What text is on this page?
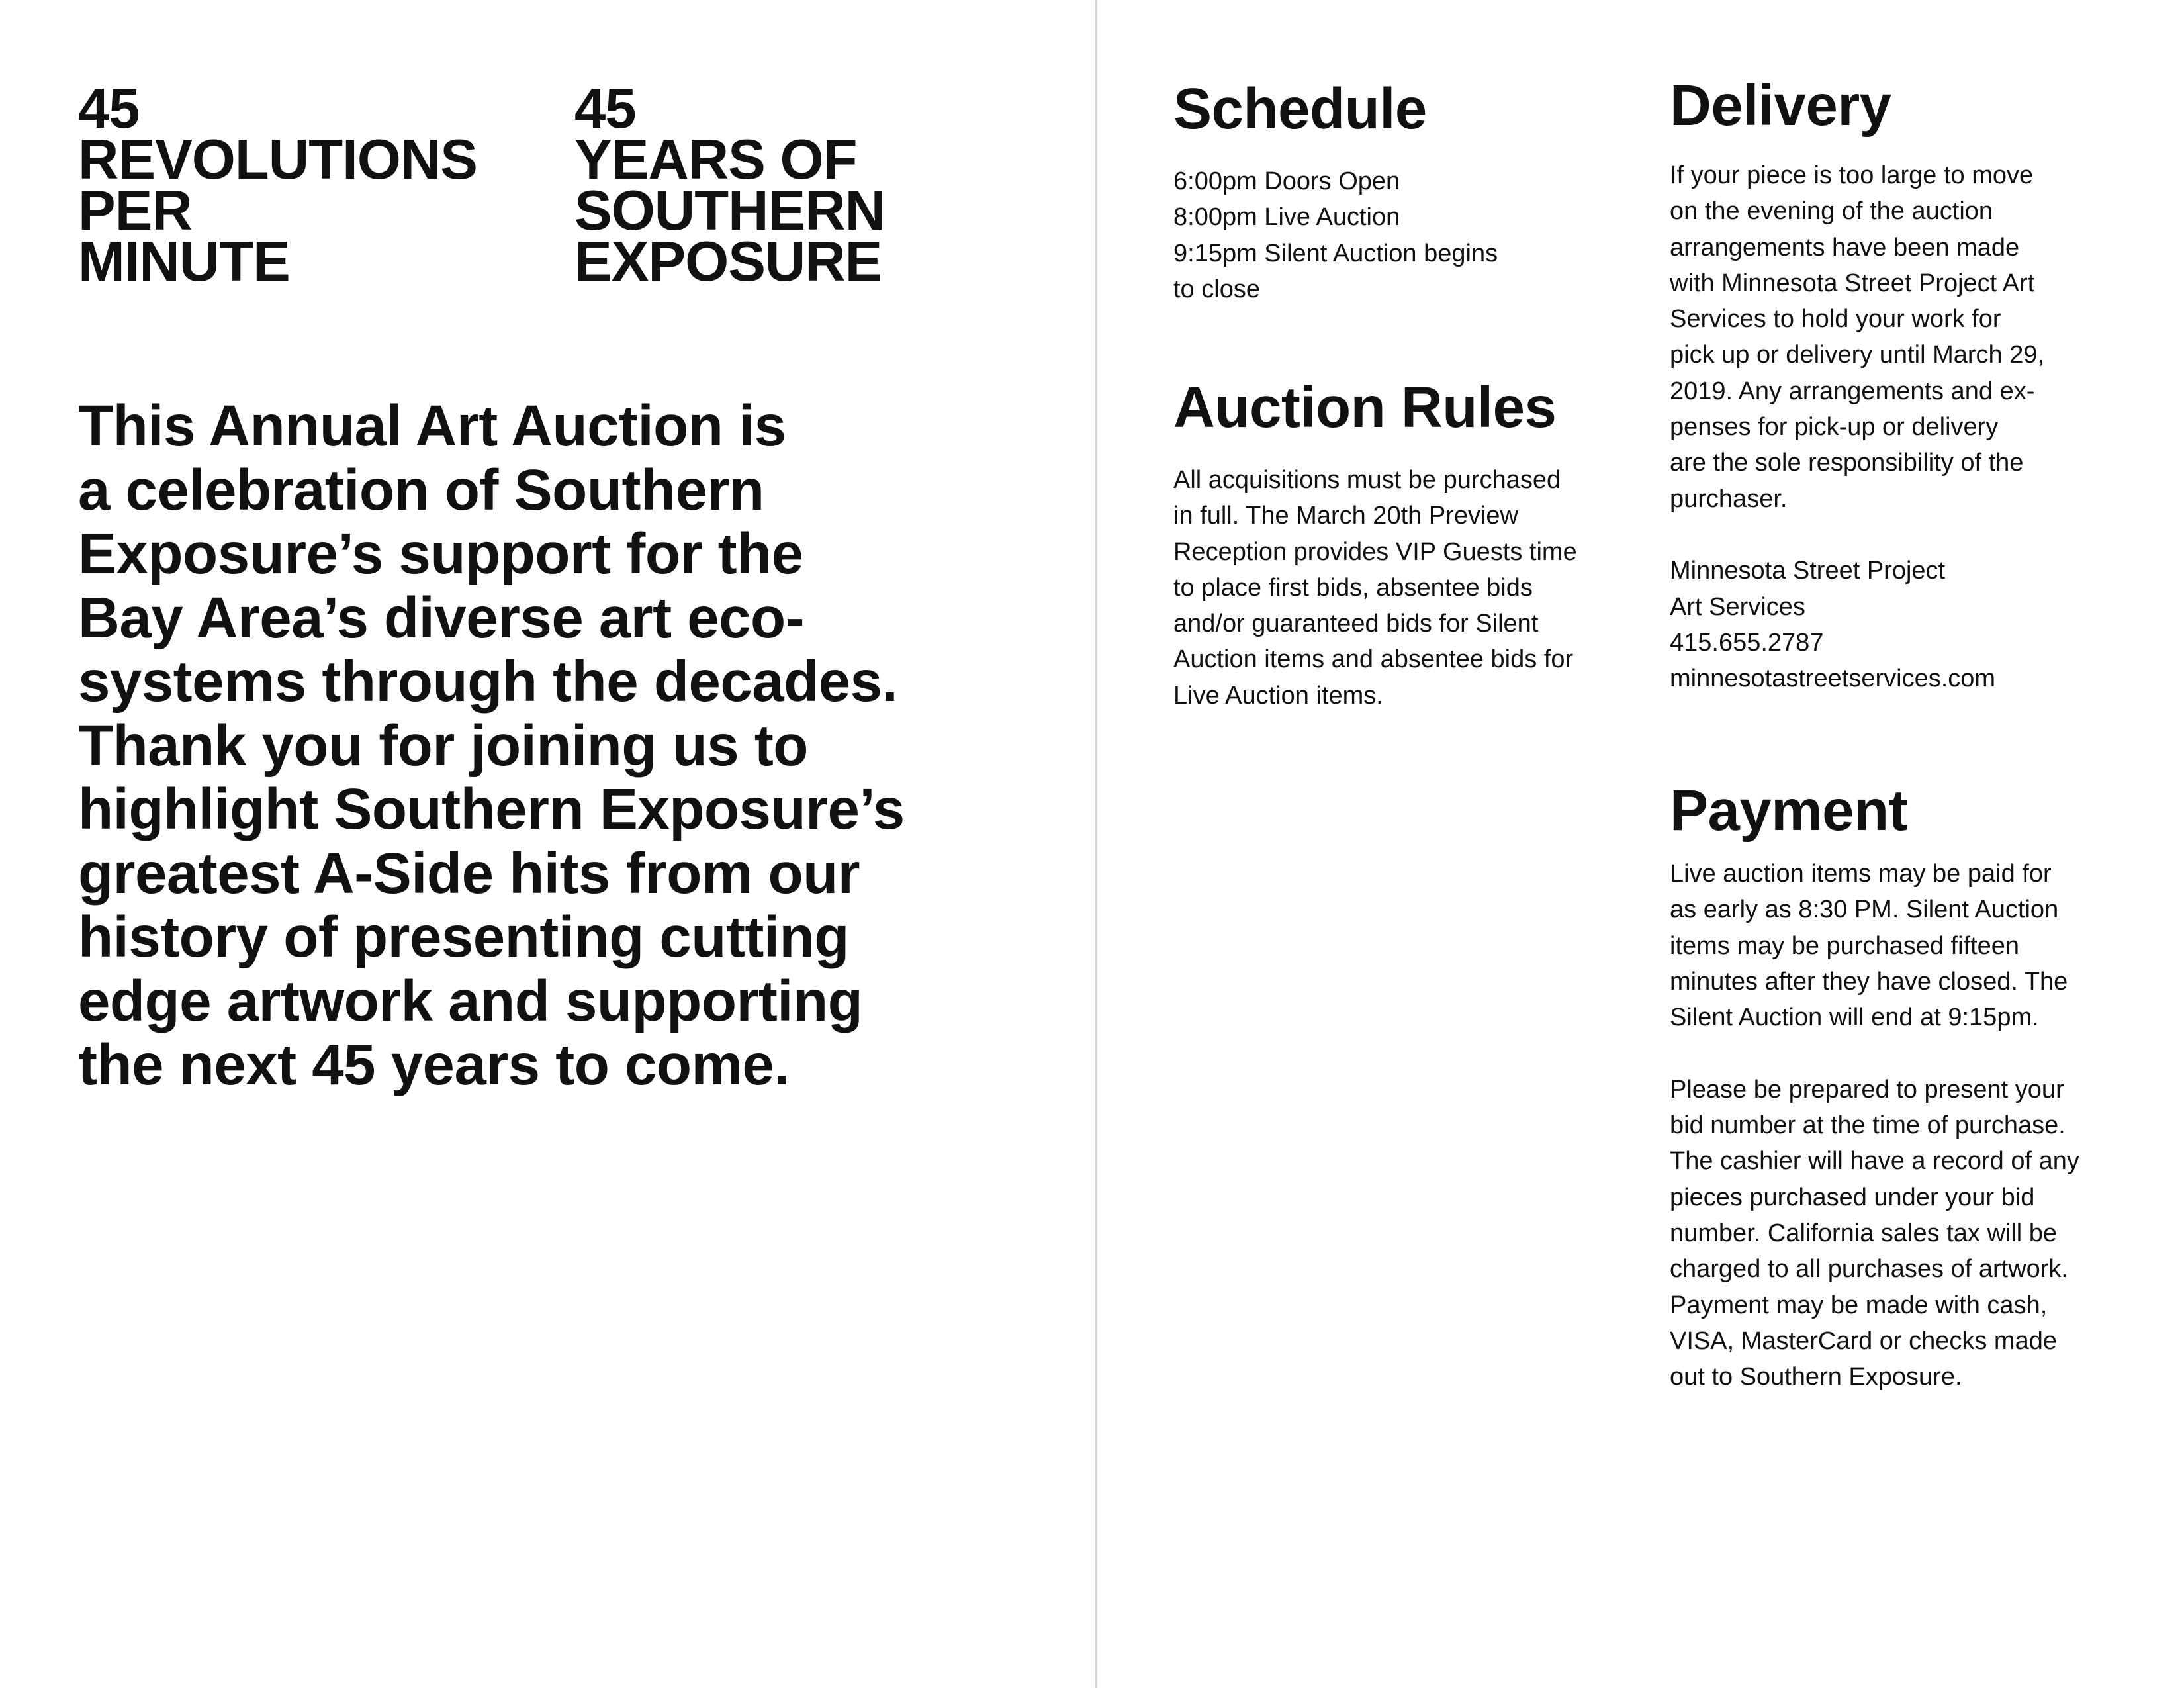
45
REVOLUTIONS
PER
MINUTE
45
YEARS OF
SOUTHERN
EXPOSURE

This Annual Art Auction is
a celebration of Southern
Exposure’s support for the
Bay Area’s diverse art eco-
systems through the decades.
Thank you for joining us to
highlight Southern Exposure’s
greatest A-Side hits from our
history of presenting cutting
edge artwork and supporting
the next 45 years to come.

Schedule

6:00pm Doors Open
8:00pm Live Auction
9:15pm Silent Auction begins
to close

Auction Rules

All acquisitions must be purchased
in full. The March 20th Preview
Reception provides VIP Guests time
to place first bids, absentee bids
and/or guaranteed bids for Silent
Auction items and absentee bids for
Live Auction items.

Delivery

If your piece is too large to move
on the evening of the auction
arrangements have been made
with Minnesota Street Project Art
Services to hold your work for
pick up or delivery until March 29,
2019. Any arrangements and ex-
penses for pick-up or delivery
are the sole responsibility of the
purchaser.
Minnesota Street Project
Art Services
415.655.2787
minnesotastreetservices.com

Payment

Live auction items may be paid for
as early as 8:30 PM. Silent Auction
items may be purchased fifteen
minutes after they have closed. The
Silent Auction will end at 9:15pm.
Please be prepared to present your
bid number at the time of purchase.
The cashier will have a record of any
pieces purchased under your bid
number. California sales tax will be
charged to all purchases of artwork.
Payment may be made with cash,
VISA, MasterCard or checks made
out to Southern Exposure.
